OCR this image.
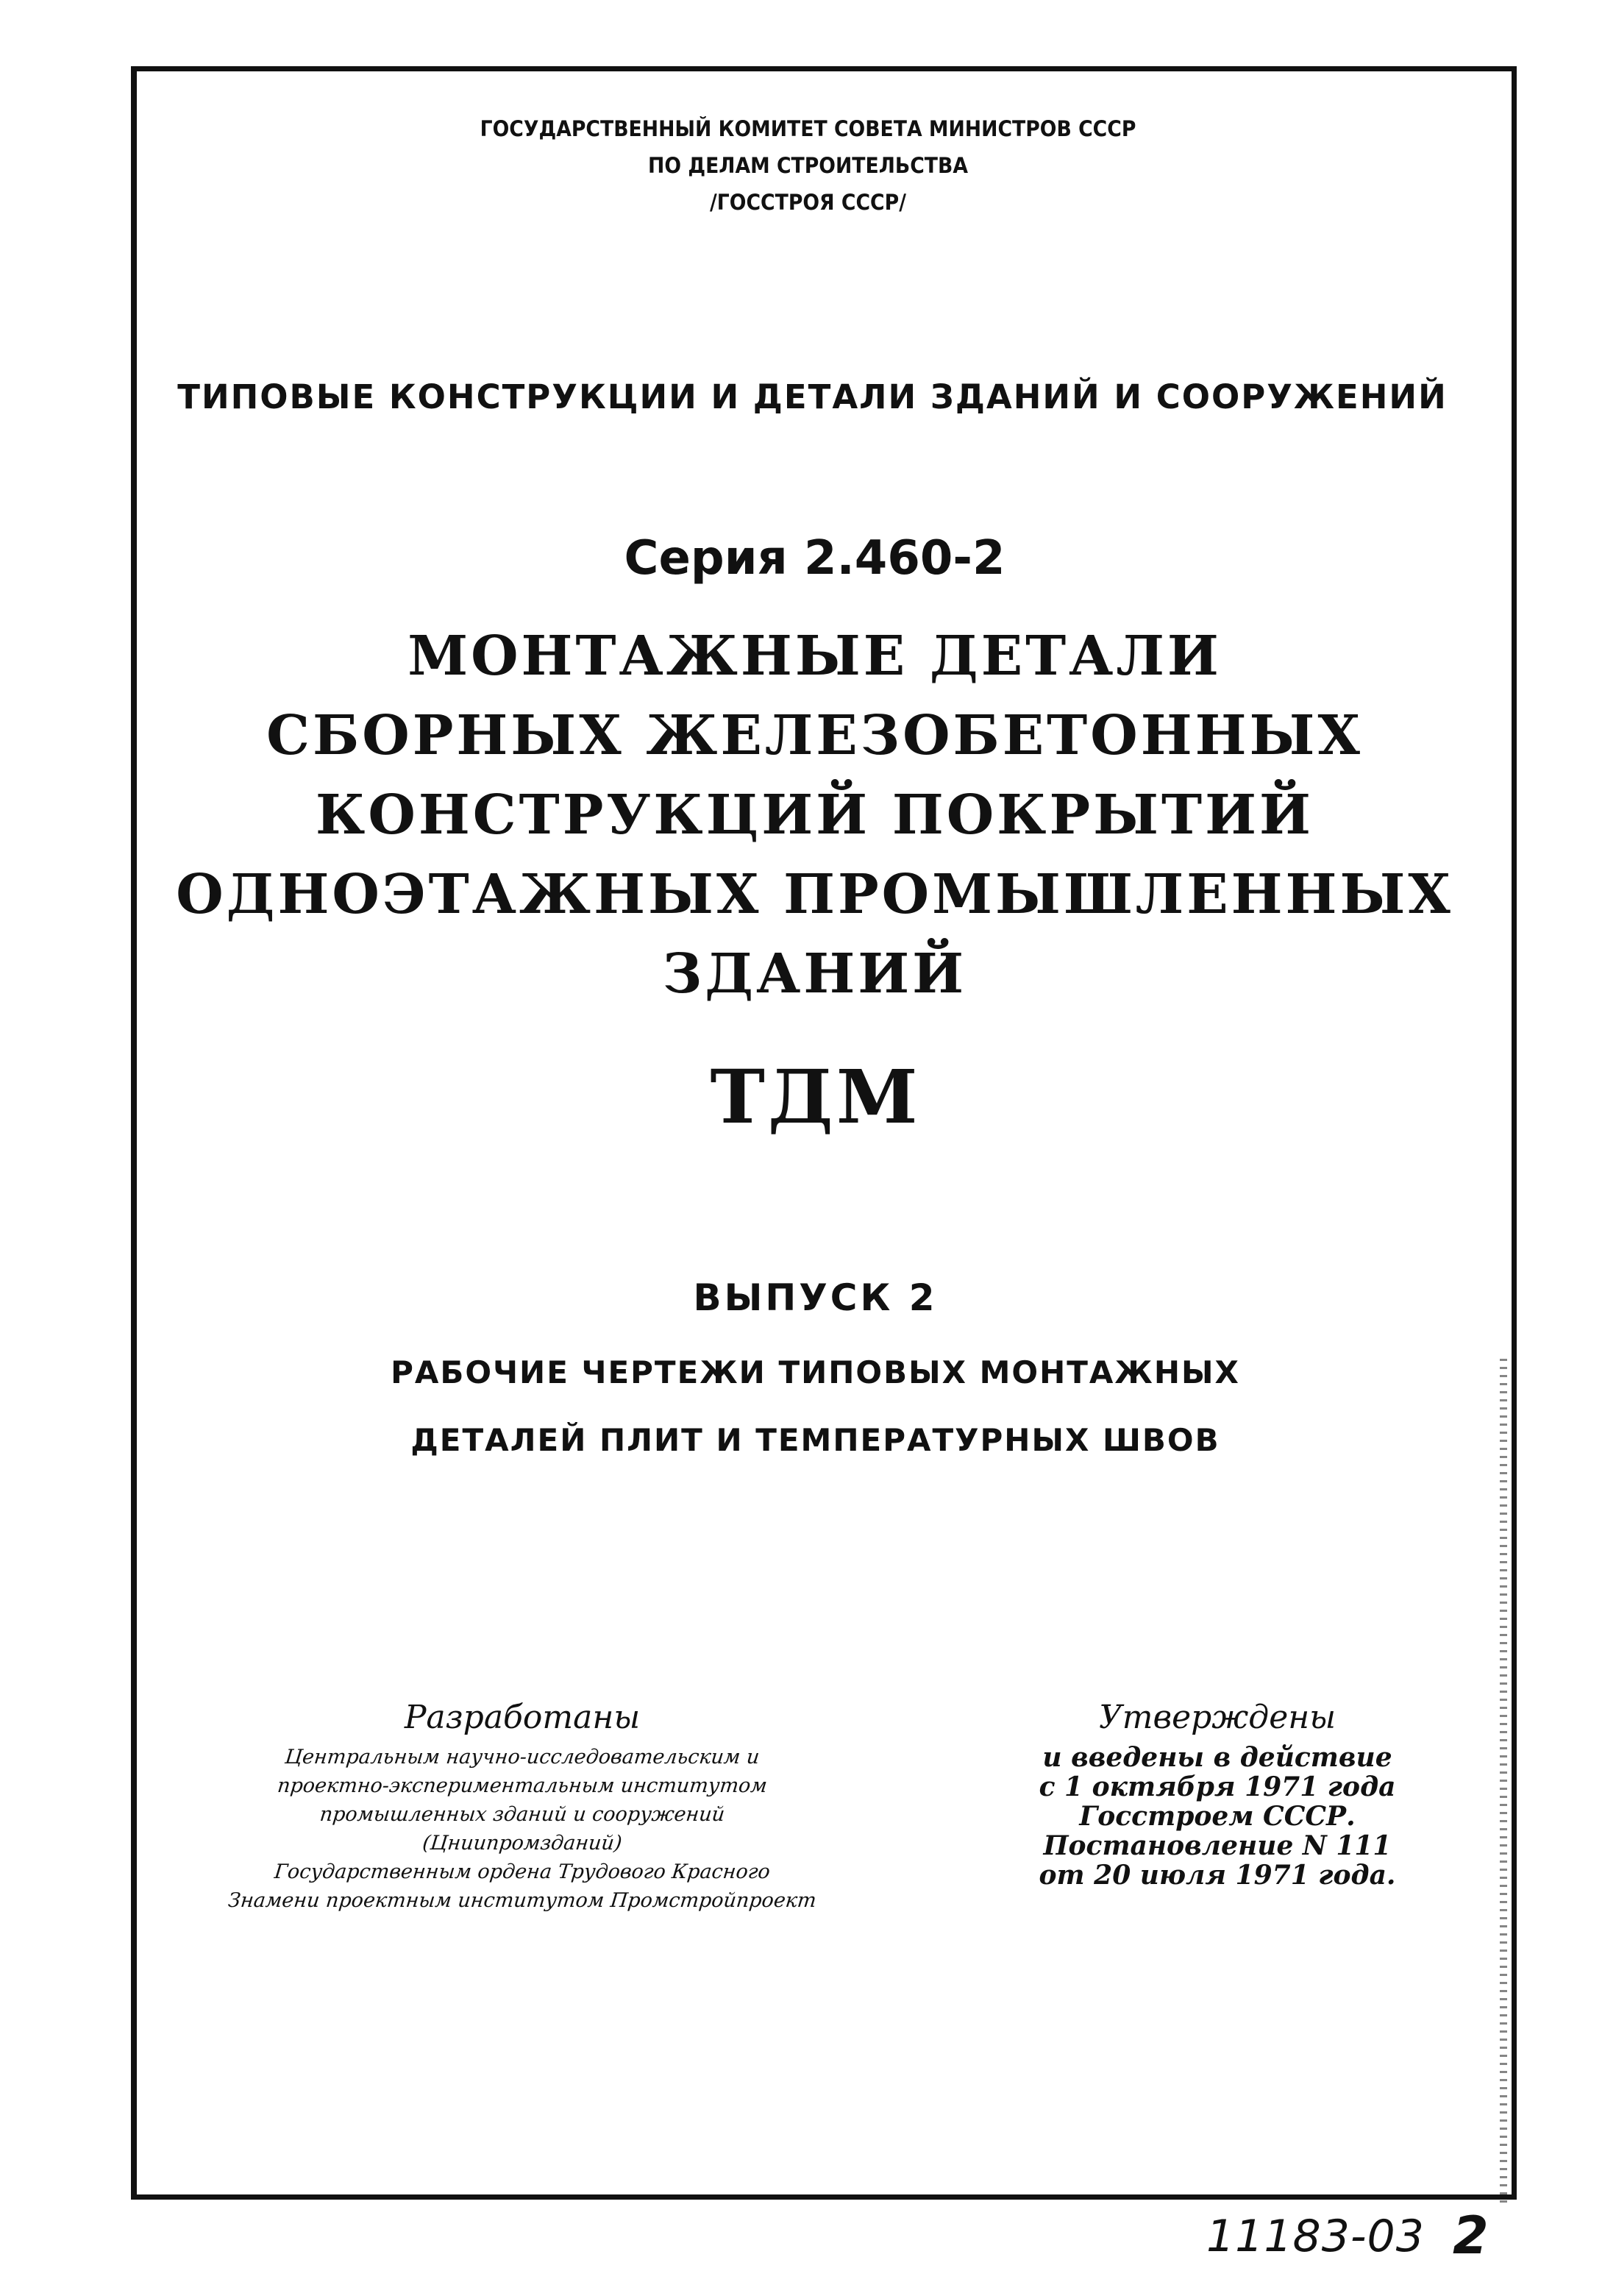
ГОСУДАРСТВЕННЫЙ КОМИТЕТ СОВЕТА МИНИСТРОВ СССР
ПО ДЕЛАМ СТРОИТЕЛЬСТВА
/ГОССТРОЯ СССР/
ТИПОВЫЕ КОНСТРУКЦИИ И ДЕТАЛИ ЗДАНИЙ И СООРУЖЕНИЙ
Серия 2.460-2
МОНТАЖНЫЕ ДЕТАЛИ
СБОРНЫХ ЖЕЛЕЗОБЕТОННЫХ
КОНСТРУКЦИЙ ПОКРЫТИЙ
ОДНОЭТАЖНЫХ ПРОМЫШЛЕННЫХ
ЗДАНИЙ
ТДМ
ВЫПУСК 2
РАБОЧИЕ ЧЕРТЕЖИ ТИПОВЫХ МОНТАЖНЫХ
ДЕТАЛЕЙ ПЛИТ И ТЕМПЕРАТУРНЫХ ШВОВ
Разработаны
Центральным научно-исследовательским и
проектно-экспериментальным институтом
промышленных зданий и сооружений
(Цниипромзданий)
Государственным ордена Трудового Красного
Знамени проектным институтом Промстройпроект
Утверждены
и введены в действие
с 1 октября 1971 года
Госстроем СССР.
Постановление N 111
от 20 июля 1971 года.
11183-03 2
